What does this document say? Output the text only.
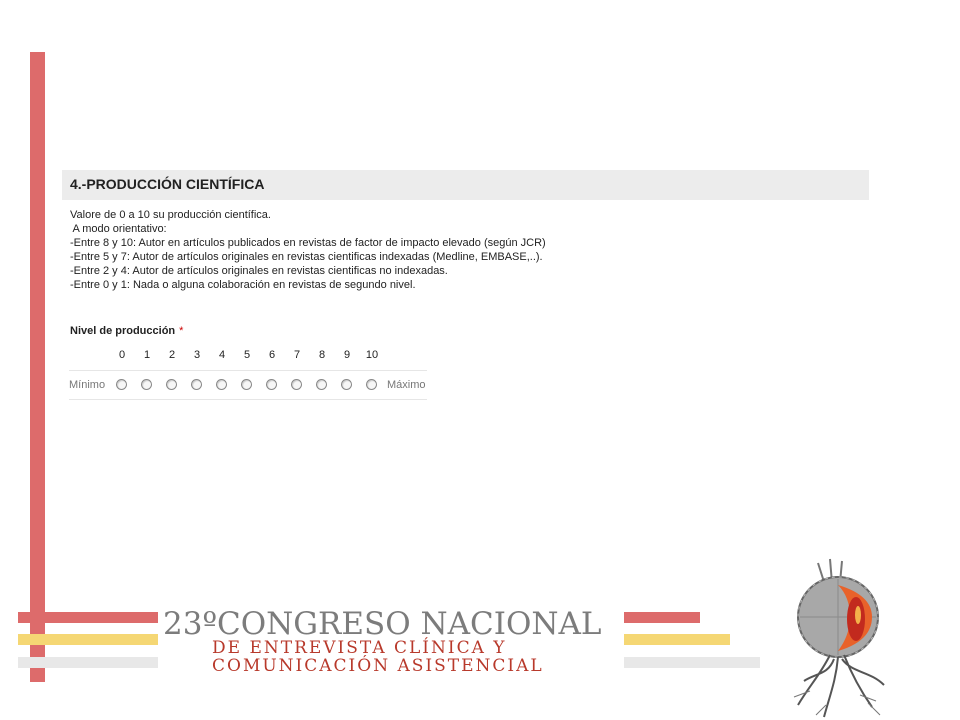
4.-PRODUCCIÓN CIENTÍFICA
Valore de 0 a 10 su producción científica.
A modo orientativo:
-Entre 8 y 10: Autor en artículos publicados en revistas de factor de impacto elevado (según JCR)
-Entre 5 y 7: Autor de artículos originales en revistas cientificas indexadas (Medline, EMBASE,..).
-Entre 2 y 4: Autor de artículos originales en revistas cientificas no indexadas.
-Entre 0 y 1: Nada o alguna colaboración en revistas de segundo nivel.
Nivel de producción *
0	1	2	3	4	5	6	7	8	9	10
Mínimo	Máximo
23ºCONGRESO NACIONAL
DE ENTREVISTA CLÍNICA Y
COMUNICACIÓN ASISTENCIAL
